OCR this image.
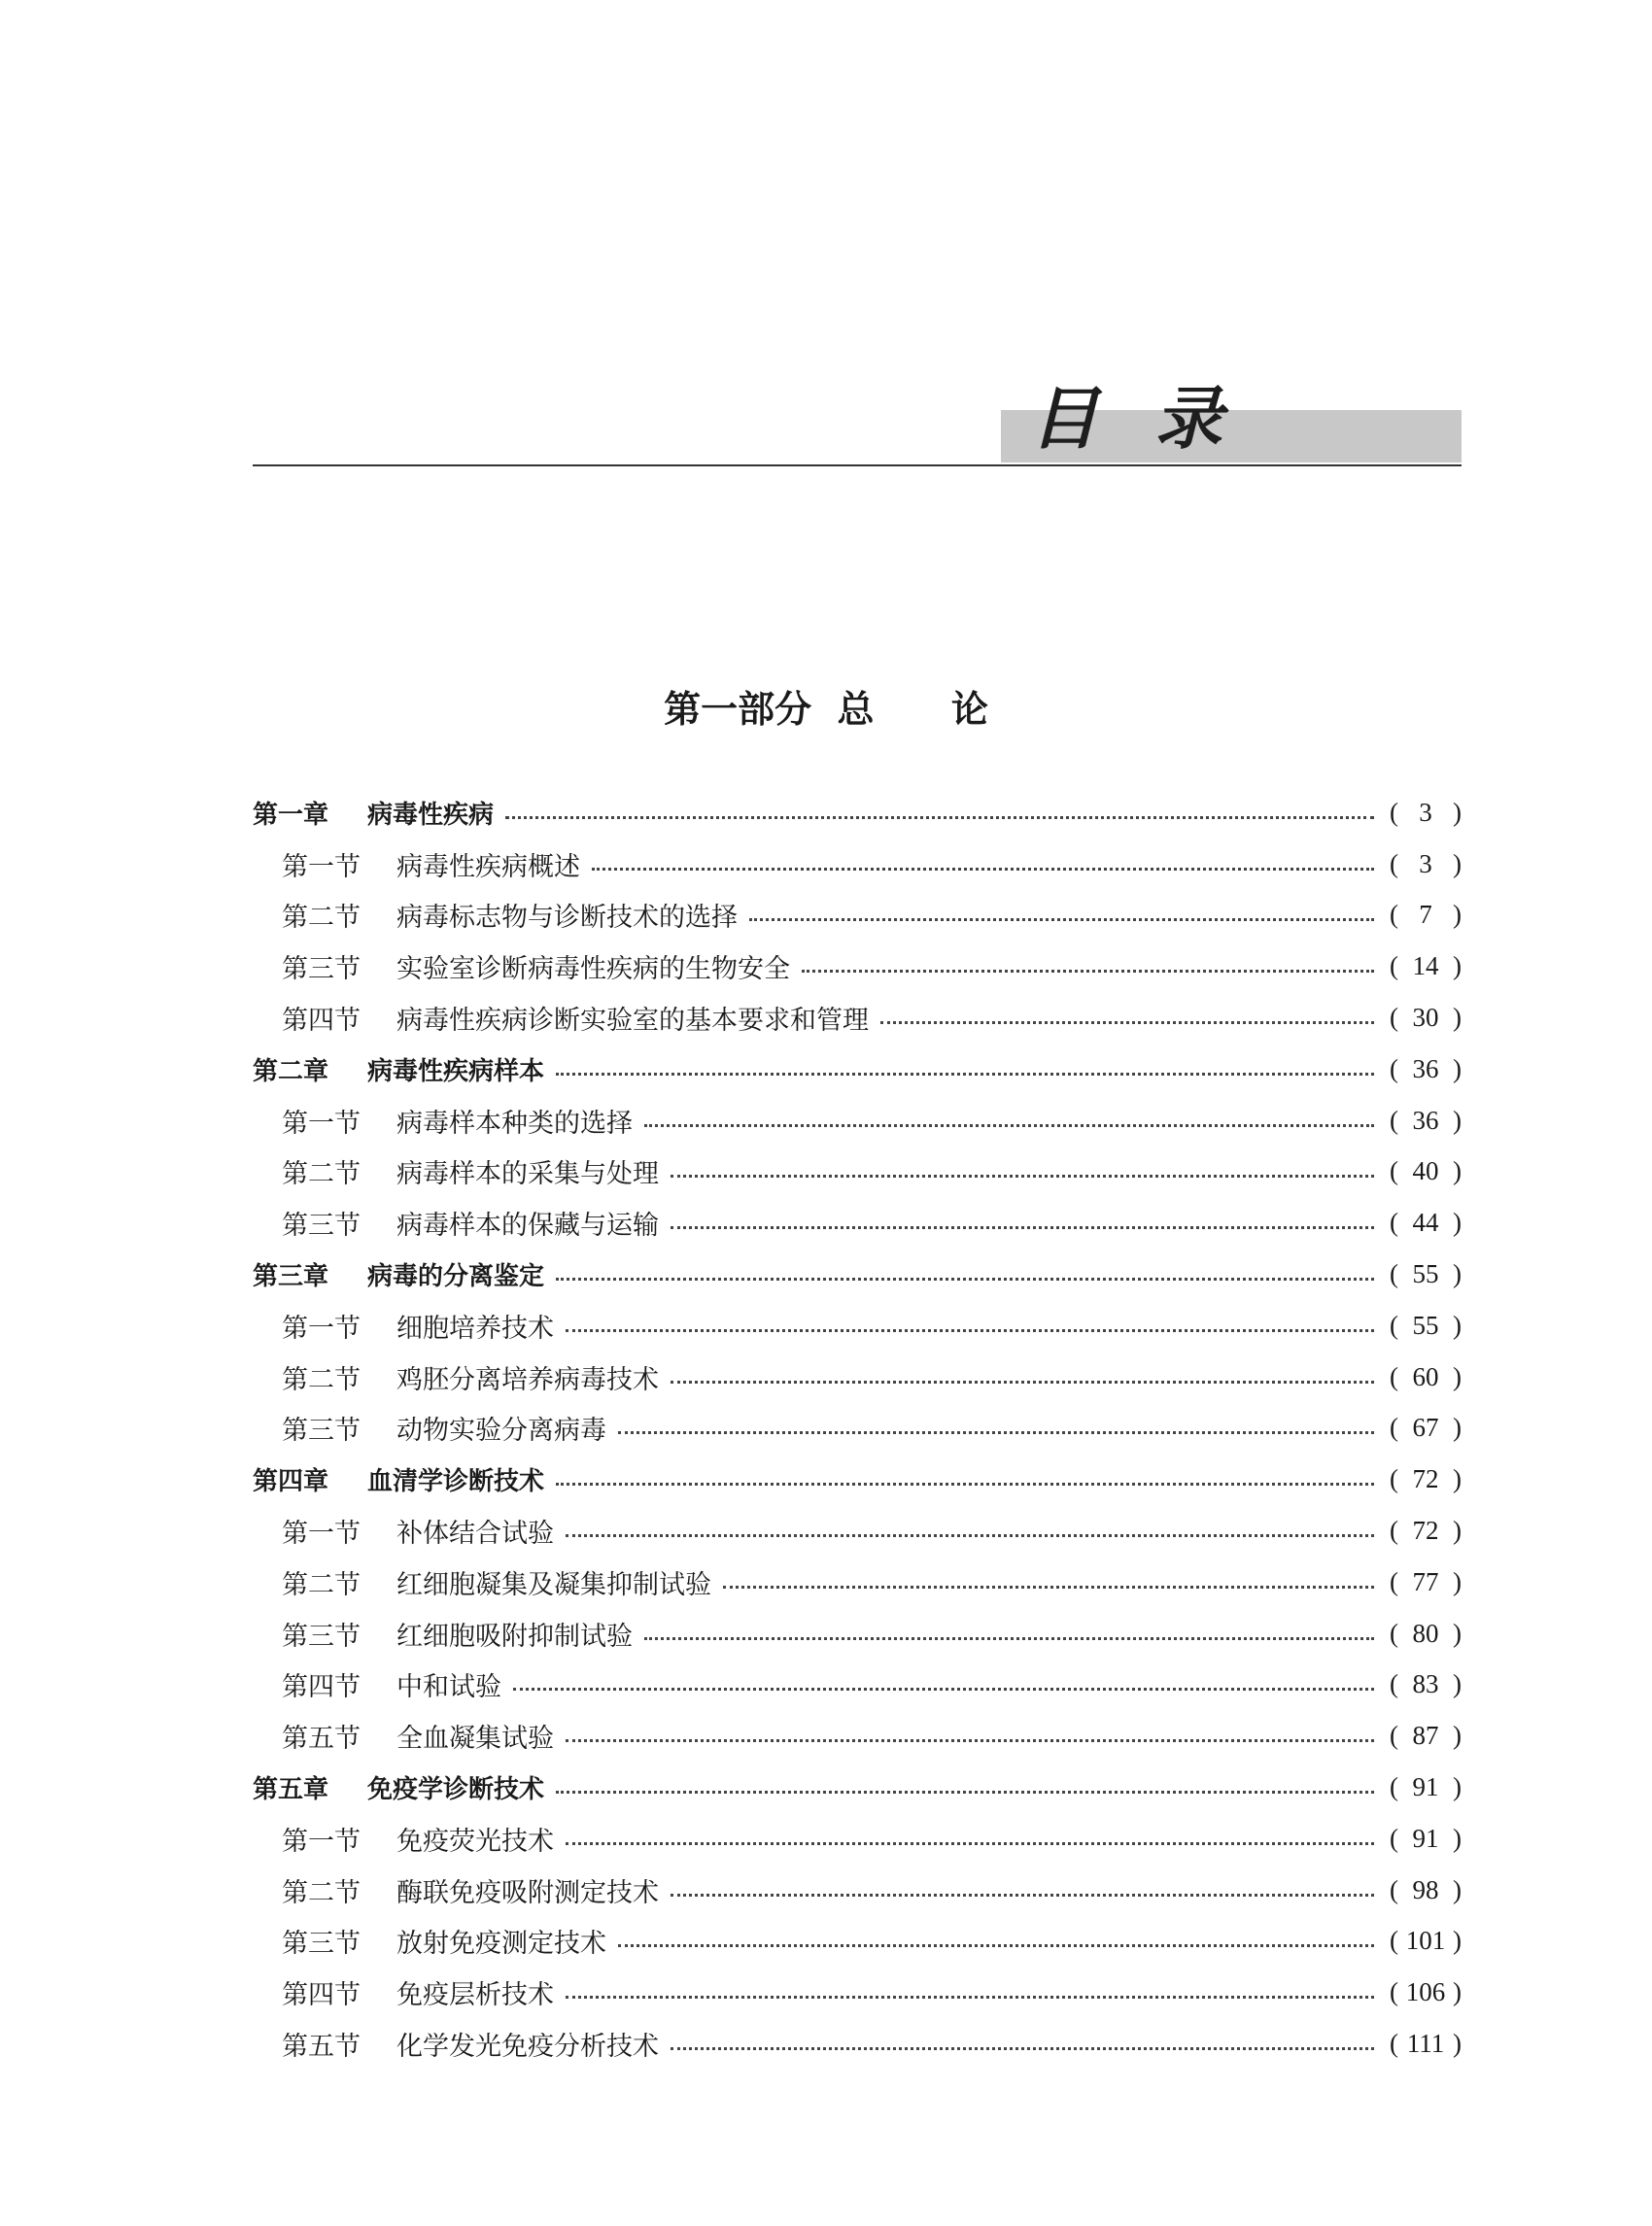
目录
第一部分  总      论
第一章	病毒性疾病	( 3 )
第一节	病毒性疾病概述	( 3 )
第二节	病毒标志物与诊断技术的选择	( 7 )
第三节	实验室诊断病毒性疾病的生物安全	( 14 )
第四节	病毒性疾病诊断实验室的基本要求和管理	( 30 )
第二章	病毒性疾病样本	( 36 )
第一节	病毒样本种类的选择	( 36 )
第二节	病毒样本的采集与处理	( 40 )
第三节	病毒样本的保藏与运输	( 44 )
第三章	病毒的分离鉴定	( 55 )
第一节	细胞培养技术	( 55 )
第二节	鸡胚分离培养病毒技术	( 60 )
第三节	动物实验分离病毒	( 67 )
第四章	血清学诊断技术	( 72 )
第一节	补体结合试验	( 72 )
第二节	红细胞凝集及凝集抑制试验	( 77 )
第三节	红细胞吸附抑制试验	( 80 )
第四节	中和试验	( 83 )
第五节	全血凝集试验	( 87 )
第五章	免疫学诊断技术	( 91 )
第一节	免疫荧光技术	( 91 )
第二节	酶联免疫吸附测定技术	( 98 )
第三节	放射免疫测定技术	( 101 )
第四节	免疫层析技术	( 106 )
第五节	化学发光免疫分析技术	( 111 )
